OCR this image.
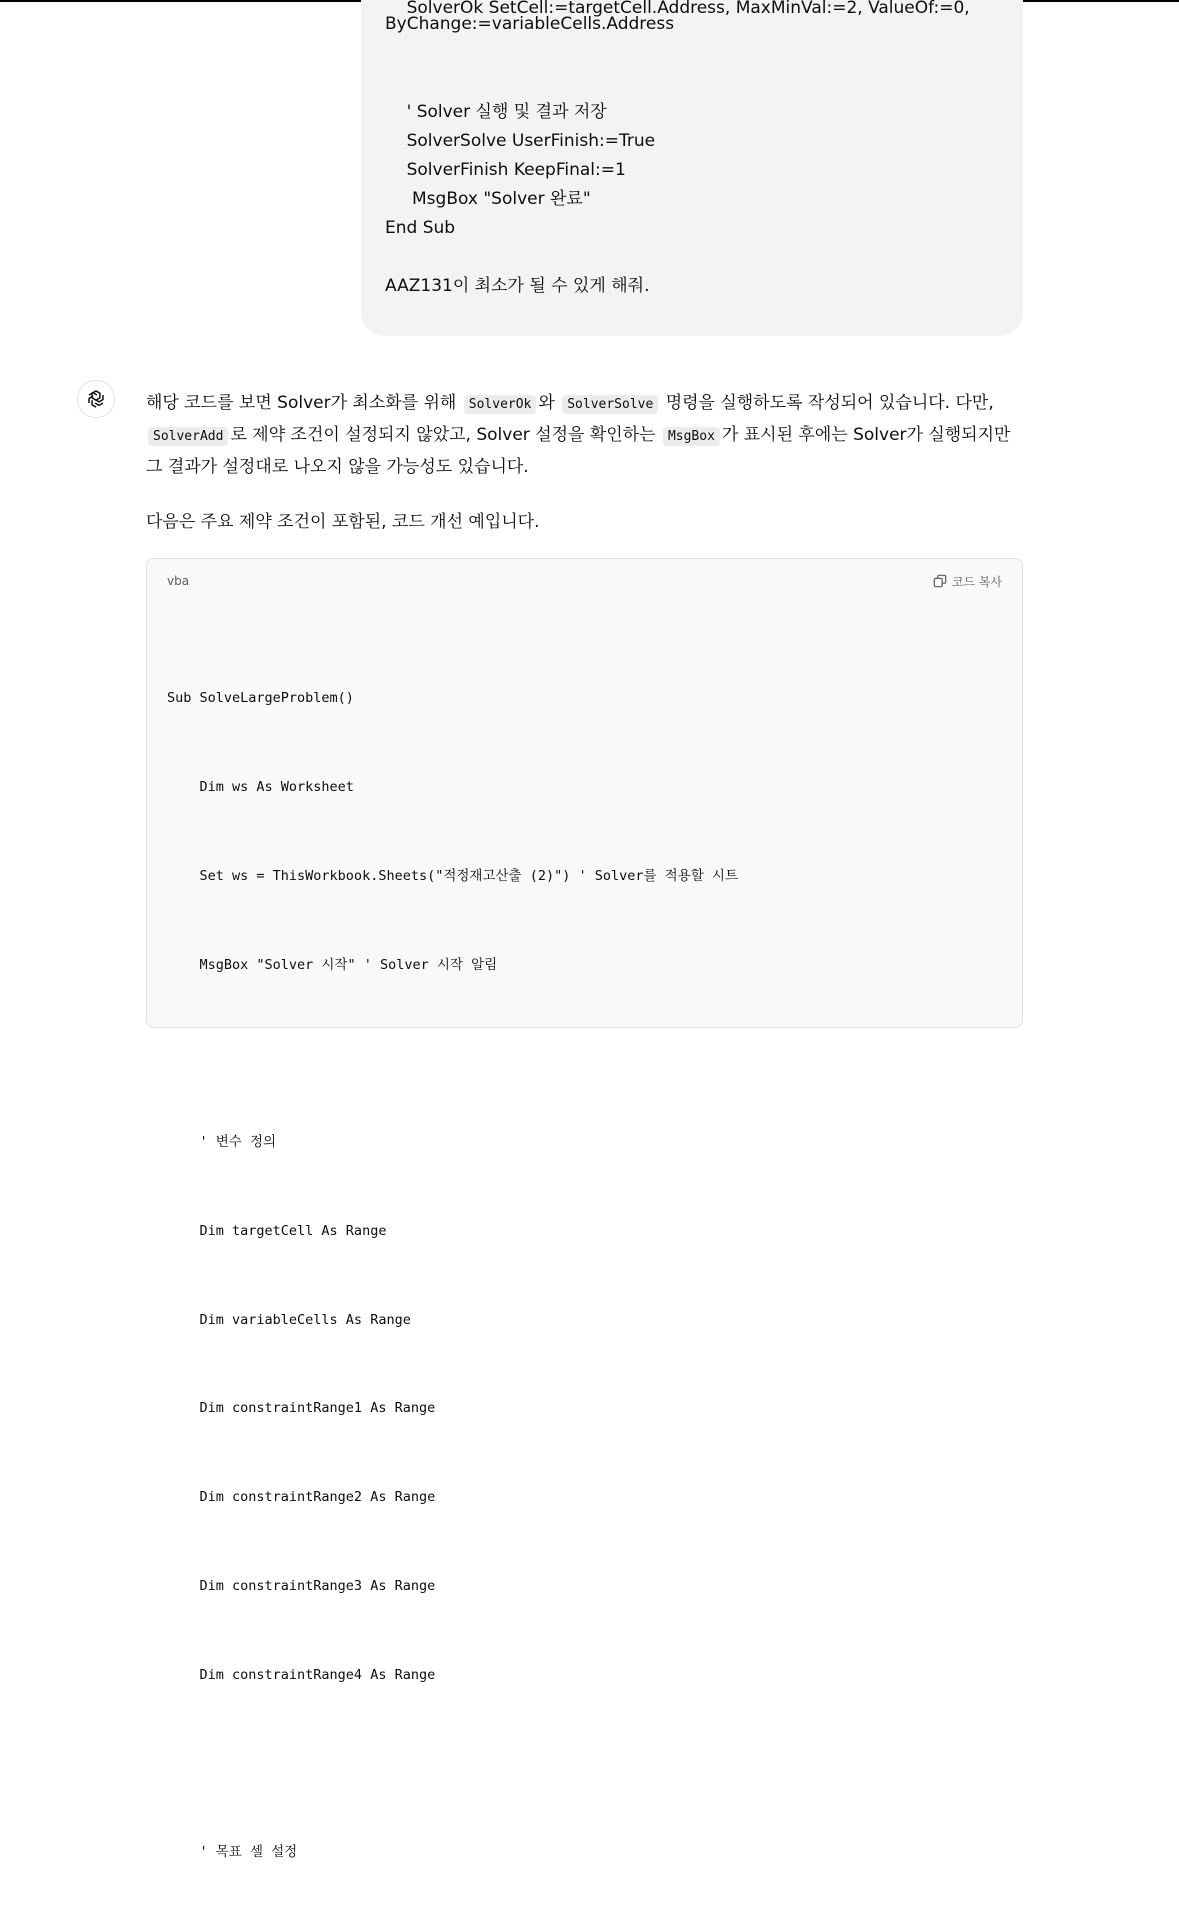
SolverOk SetCell:=targetCell.Address, MaxMinVal:=2, ValueOf:=0,
ByChange:=variableCells.Address
' Solver 실행 및 결과 저장
SolverSolve UserFinish:=True
SolverFinish KeepFinal:=1
MsgBox "Solver 완료"
End Sub
AAZ131이 최소가 될 수 있게 해줘.

해당 코드를 보면 Solver가 최소화를 위해 SolverOk 와 SolverSolve 명령을 실행하도록 작성되어 있습니다. 다만, SolverAdd 로 제약 조건이 설정되지 않았고, Solver 설정을 확인하는 MsgBox 가 표시된 후에는 Solver가 실행되지만 그 결과가 설정대로 나오지 않을 가능성도 있습니다.

다음은 주요 제약 조건이 포함된, 코드 개선 예입니다.

vba	코드 복사

Sub SolveLargeProblem()

Dim ws As Worksheet

Set ws = ThisWorkbook.Sheets("적정재고산출 (2)") ' Solver를 적용할 시트

MsgBox "Solver 시작" ' Solver 시작 알림

' 변수 정의

Dim targetCell As Range

Dim variableCells As Range

Dim constraintRange1 As Range

Dim constraintRange2 As Range

Dim constraintRange3 As Range

Dim constraintRange4 As Range

' 목표 셀 설정
